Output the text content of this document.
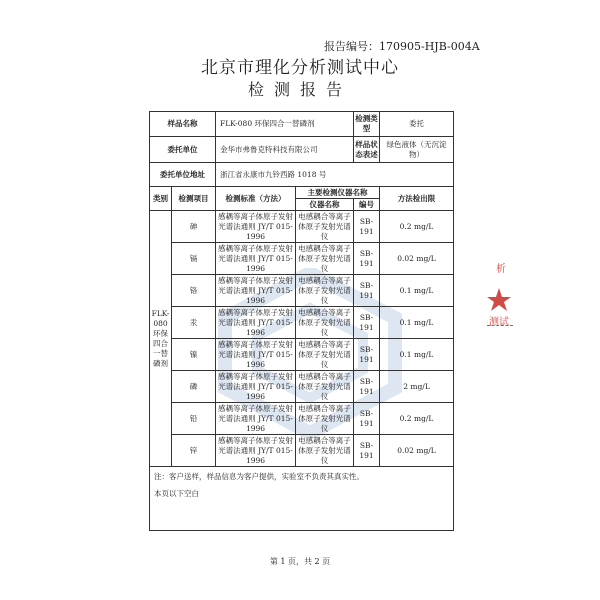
报告编号：170905-HJB-004A
北京市理化分析测试中心
检测报告
析
测试
样品名称		FLK-080 环保四合一替磷剂		检测类型	委托
委托单位		金华市弗鲁克特科技有限公司		样品状态表述	绿色液体（无沉淀物）
委托单位地址		浙江省永康市九铃西路 1018 号			
类别	检测项目	检测标准（方法）	主要检测仪器名称		方法检出限
			仪器名称	编号	
FLK-080环保四合一替磷剂	砷	感耦等离子体原子发射光谱法通则 JY/T 015-1996	电感耦合等离子体原子发射光谱仪	SB-191	0.2 mg/L
	镉	感耦等离子体原子发射光谱法通则 JY/T 015-1996	电感耦合等离子体原子发射光谱仪	SB-191	0.02 mg/L
	铬	感耦等离子体原子发射光谱法通则 JY/T 015-1996	电感耦合等离子体原子发射光谱仪	SB-191	0.1 mg/L
	汞	感耦等离子体原子发射光谱法通则 JY/T 015-1996	电感耦合等离子体原子发射光谱仪	SB-191	0.1 mg/L
	镍	感耦等离子体原子发射光谱法通则 JY/T 015-1996	电感耦合等离子体原子发射光谱仪	SB-191	0.1 mg/L
	磷	感耦等离子体原子发射光谱法通则 JY/T 015-1996	电感耦合等离子体原子发射光谱仪	SB-191	2 mg/L
	铅	感耦等离子体原子发射光谱法通则 JY/T 015-1996	电感耦合等离子体原子发射光谱仪	SB-191	0.2 mg/L
	锌	感耦等离子体原子发射光谱法通则 JY/T 015-1996	电感耦合等离子体原子发射光谱仪	SB-191	0.02 mg/L

注：客户送样，样品信息为客户提供，实验室不负责其真实性。
本页以下空白					
第 1 页，共 2 页
